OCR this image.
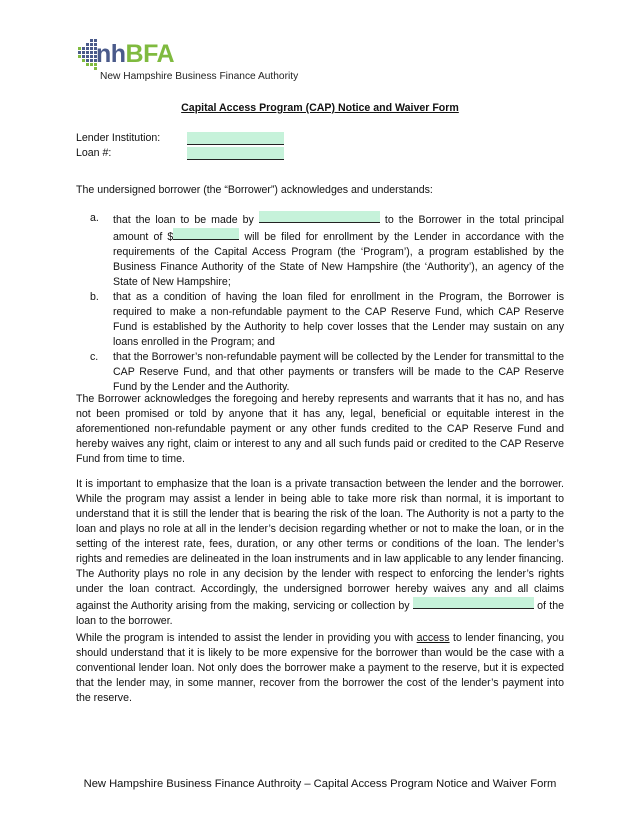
nhBFA
New Hampshire Business Finance Authority
Capital Access Program (CAP) Notice and Waiver Form
Lender Institution:
Loan #:
The undersigned borrower (the “Borrower”) acknowledges and understands:
a. that the loan to be made by	to the Borrower in the total principal amount of $	will be filed for enrollment by the Lender in accordance with the requirements of the Capital Access Program (the ‘Program’), a program established by the Business Finance Authority of the State of New Hampshire (the ‘Authority’), an agency of the State of New Hampshire;
b. that as a condition of having the loan filed for enrollment in the Program, the Borrower is required to make a non-refundable payment to the CAP Reserve Fund, which CAP Reserve Fund is established by the Authority to help cover losses that the Lender may sustain on any loans enrolled in the Program; and
c. that the Borrower’s non-refundable payment will be collected by the Lender for transmittal to the CAP Reserve Fund, and that other payments or transfers will be made to the CAP Reserve Fund by the Lender and the Authority.
The Borrower acknowledges the foregoing and hereby represents and warrants that it has no, and has not been promised or told by anyone that it has any, legal, beneficial or equitable interest in the aforementioned non-refundable payment or any other funds credited to the CAP Reserve Fund and hereby waives any right, claim or interest to any and all such funds paid or credited to the CAP Reserve Fund from time to time.
It is important to emphasize that the loan is a private transaction between the lender and the borrower. While the program may assist a lender in being able to take more risk than normal, it is important to understand that it is still the lender that is bearing the risk of the loan. The Authority is not a party to the loan and plays no role at all in the lender’s decision regarding whether or not to make the loan, or in the setting of the interest rate, fees, duration, or any other terms or conditions of the loan. The lender’s rights and remedies are delineated in the loan instruments and in law applicable to any lender financing. The Authority plays no role in any decision by the lender with respect to enforcing the lender’s rights under the loan contract. Accordingly, the undersigned borrower hereby waives any and all claims against the Authority arising from the making, servicing or collection by	of the loan to the borrower.
While the program is intended to assist the lender in providing you with access to lender financing, you should understand that it is likely to be more expensive for the borrower than would be the case with a conventional lender loan. Not only does the borrower make a payment to the reserve, but it is expected that the lender may, in some manner, recover from the borrower the cost of the lender’s payment into the reserve.
New Hampshire Business Finance Authroity – Capital Access Program Notice and Waiver Form
